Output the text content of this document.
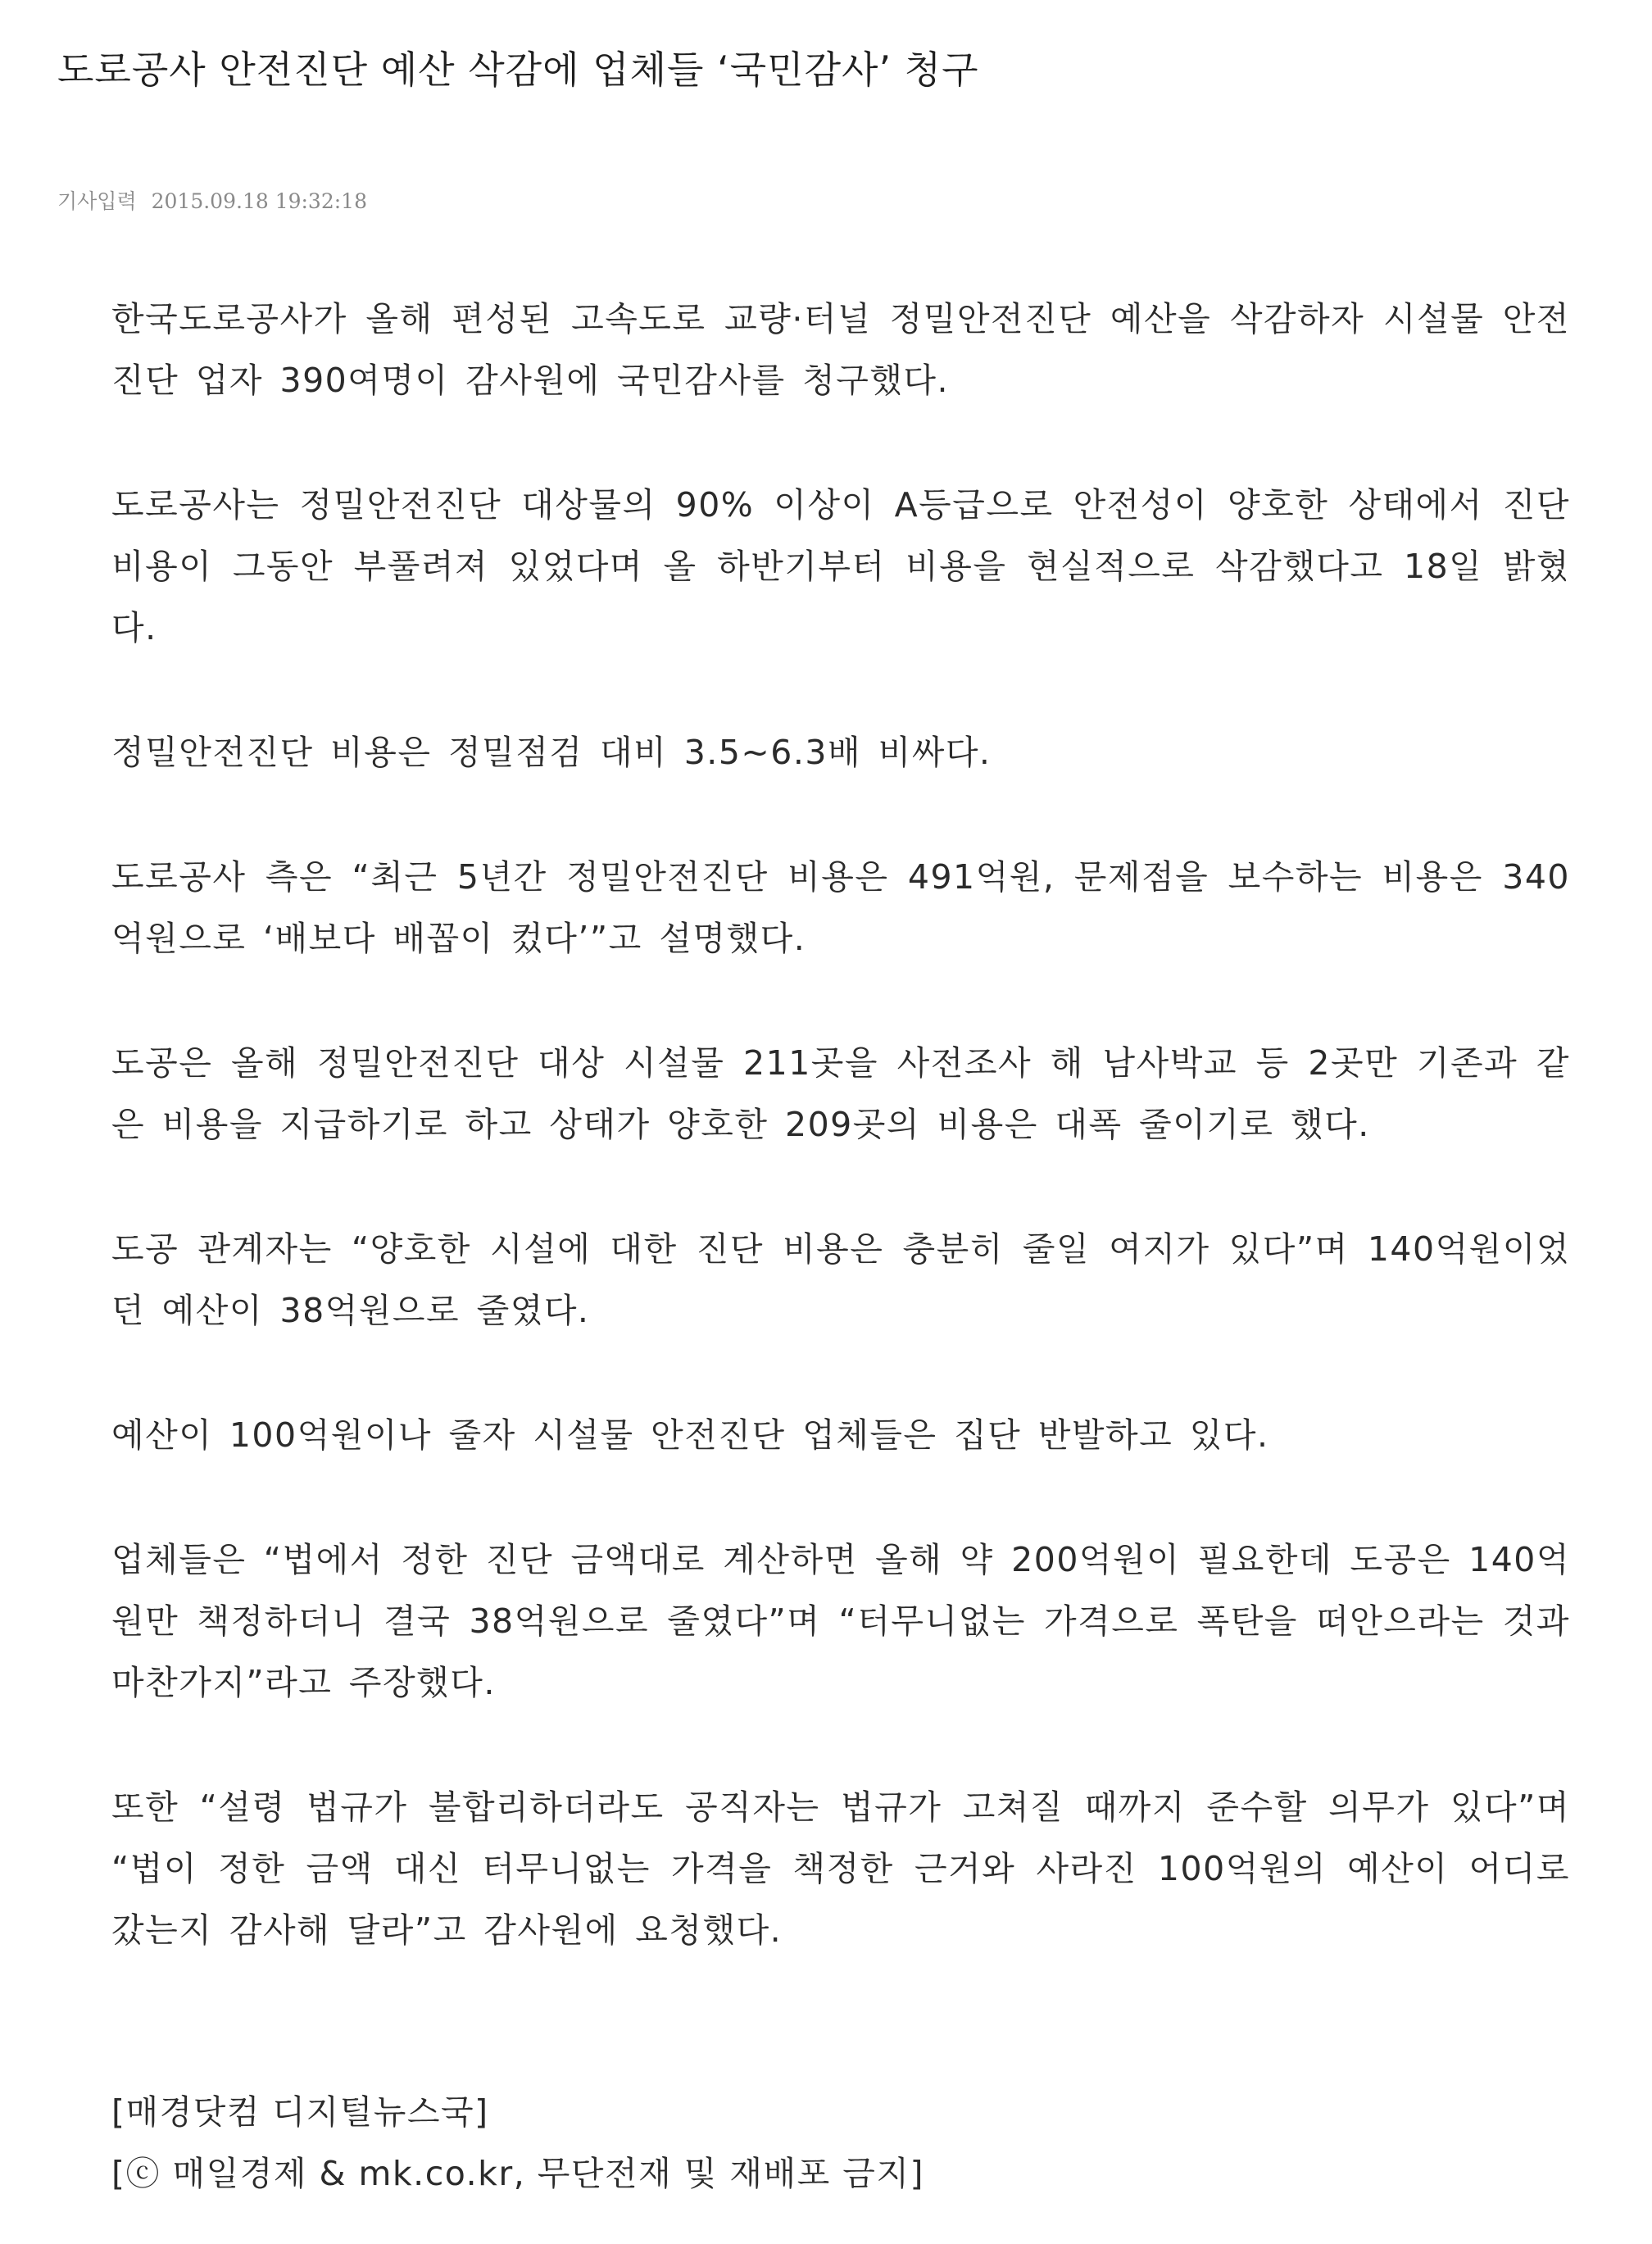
도로공사 안전진단 예산 삭감에 업체들 ‘국민감사’ 청구
기사입력 2015.09.18 19:32:18

한국도로공사가 올해 편성된 고속도로 교량·터널 정밀안전진단 예산을 삭감하자 시설물 안전진단 업자 390여명이 감사원에 국민감사를 청구했다.

도로공사는 정밀안전진단 대상물의 90% 이상이 A등급으로 안전성이 양호한 상태에서 진단비용이 그동안 부풀려져 있었다며 올 하반기부터 비용을 현실적으로 삭감했다고 18일 밝혔다.

정밀안전진단 비용은 정밀점검 대비 3.5∼6.3배 비싸다.

도로공사 측은 “최근 5년간 정밀안전진단 비용은 491억원, 문제점을 보수하는 비용은 340억원으로 ‘배보다 배꼽이 컸다’”고 설명했다.

도공은 올해 정밀안전진단 대상 시설물 211곳을 사전조사 해 남사박교 등 2곳만 기존과 같은 비용을 지급하기로 하고 상태가 양호한 209곳의 비용은 대폭 줄이기로 했다.

도공 관계자는 “양호한 시설에 대한 진단 비용은 충분히 줄일 여지가 있다”며 140억원이었던 예산이 38억원으로 줄였다.

예산이 100억원이나 줄자 시설물 안전진단 업체들은 집단 반발하고 있다.

업체들은 “법에서 정한 진단 금액대로 계산하면 올해 약 200억원이 필요한데 도공은 140억원만 책정하더니 결국 38억원으로 줄였다”며 “터무니없는 가격으로 폭탄을 떠안으라는 것과 마찬가지”라고 주장했다.

또한 “설령 법규가 불합리하더라도 공직자는 법규가 고쳐질 때까지 준수할 의무가 있다”며 “법이 정한 금액 대신 터무니없는 가격을 책정한 근거와 사라진 100억원의 예산이 어디로 갔는지 감사해 달라”고 감사원에 요청했다.

[매경닷컴 디지털뉴스국]
[ⓒ 매일경제 & mk.co.kr, 무단전재 및 재배포 금지]
